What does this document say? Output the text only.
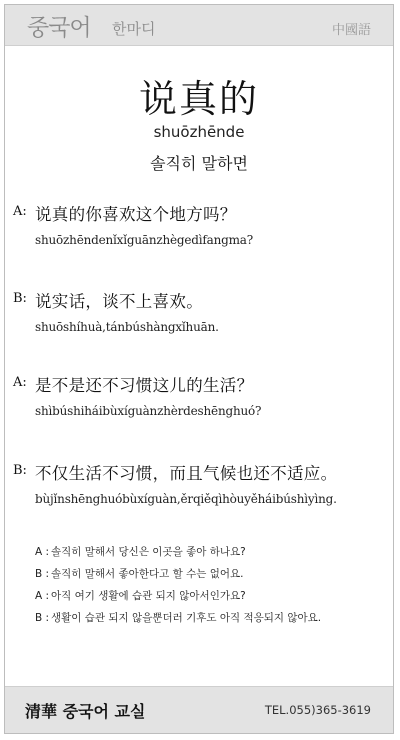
중국어 한마디	中國語
说真的
shuōzhēnde
솔직히 말하면
A: 说真的你喜欢这个地方吗？
shuōzhēndenǐxǐguānzhègedìfangma?
B: 说实话，谈不上喜欢。
shuōshíhuà,tánbúshàngxǐhuān.
A: 是不是还不习惯这儿的生活？
shìbúshiháibùxíguànzhèrdeshēnghuó?
B: 不仅生活不习惯，而且气候也还不适应。
bùjǐnshēnghuóbùxíguàn,ěrqiěqìhòuyěháibúshìyìng.
A : 솔직히 말해서 당신은 이곳을 좋아 하나요?
B : 솔직히 말해서 좋아한다고 할 수는 없어요.
A : 아직 여기 생활에 습관 되지 않아서인가요?
B : 생활이 습관 되지 않을뿐더러 기후도 아직 적응되지 않아요.
清華 중국어 교실	TEL.055)365-3619
